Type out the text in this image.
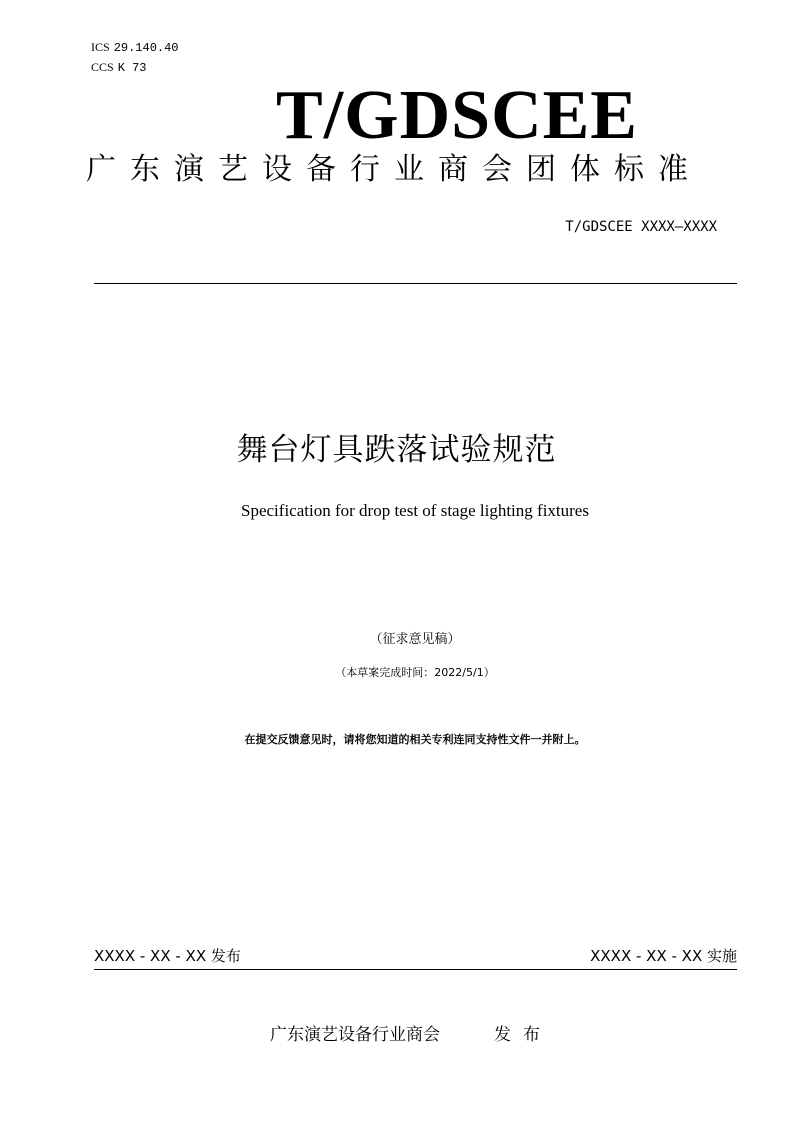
ICS 29.140.40
CCS K 73
T/GDSCEE
广东演艺设备行业商会团体标准
T/GDSCEE XXXX—XXXX
舞台灯具跌落试验规范
Specification for drop test of stage lighting fixtures
（征求意见稿）
（本草案完成时间：2022/5/1）
在提交反馈意见时，请将您知道的相关专利连同支持性文件一并附上。
XXXX - XX - XX 发布	XXXX - XX - XX 实施
广东演艺设备行业商会	发布
